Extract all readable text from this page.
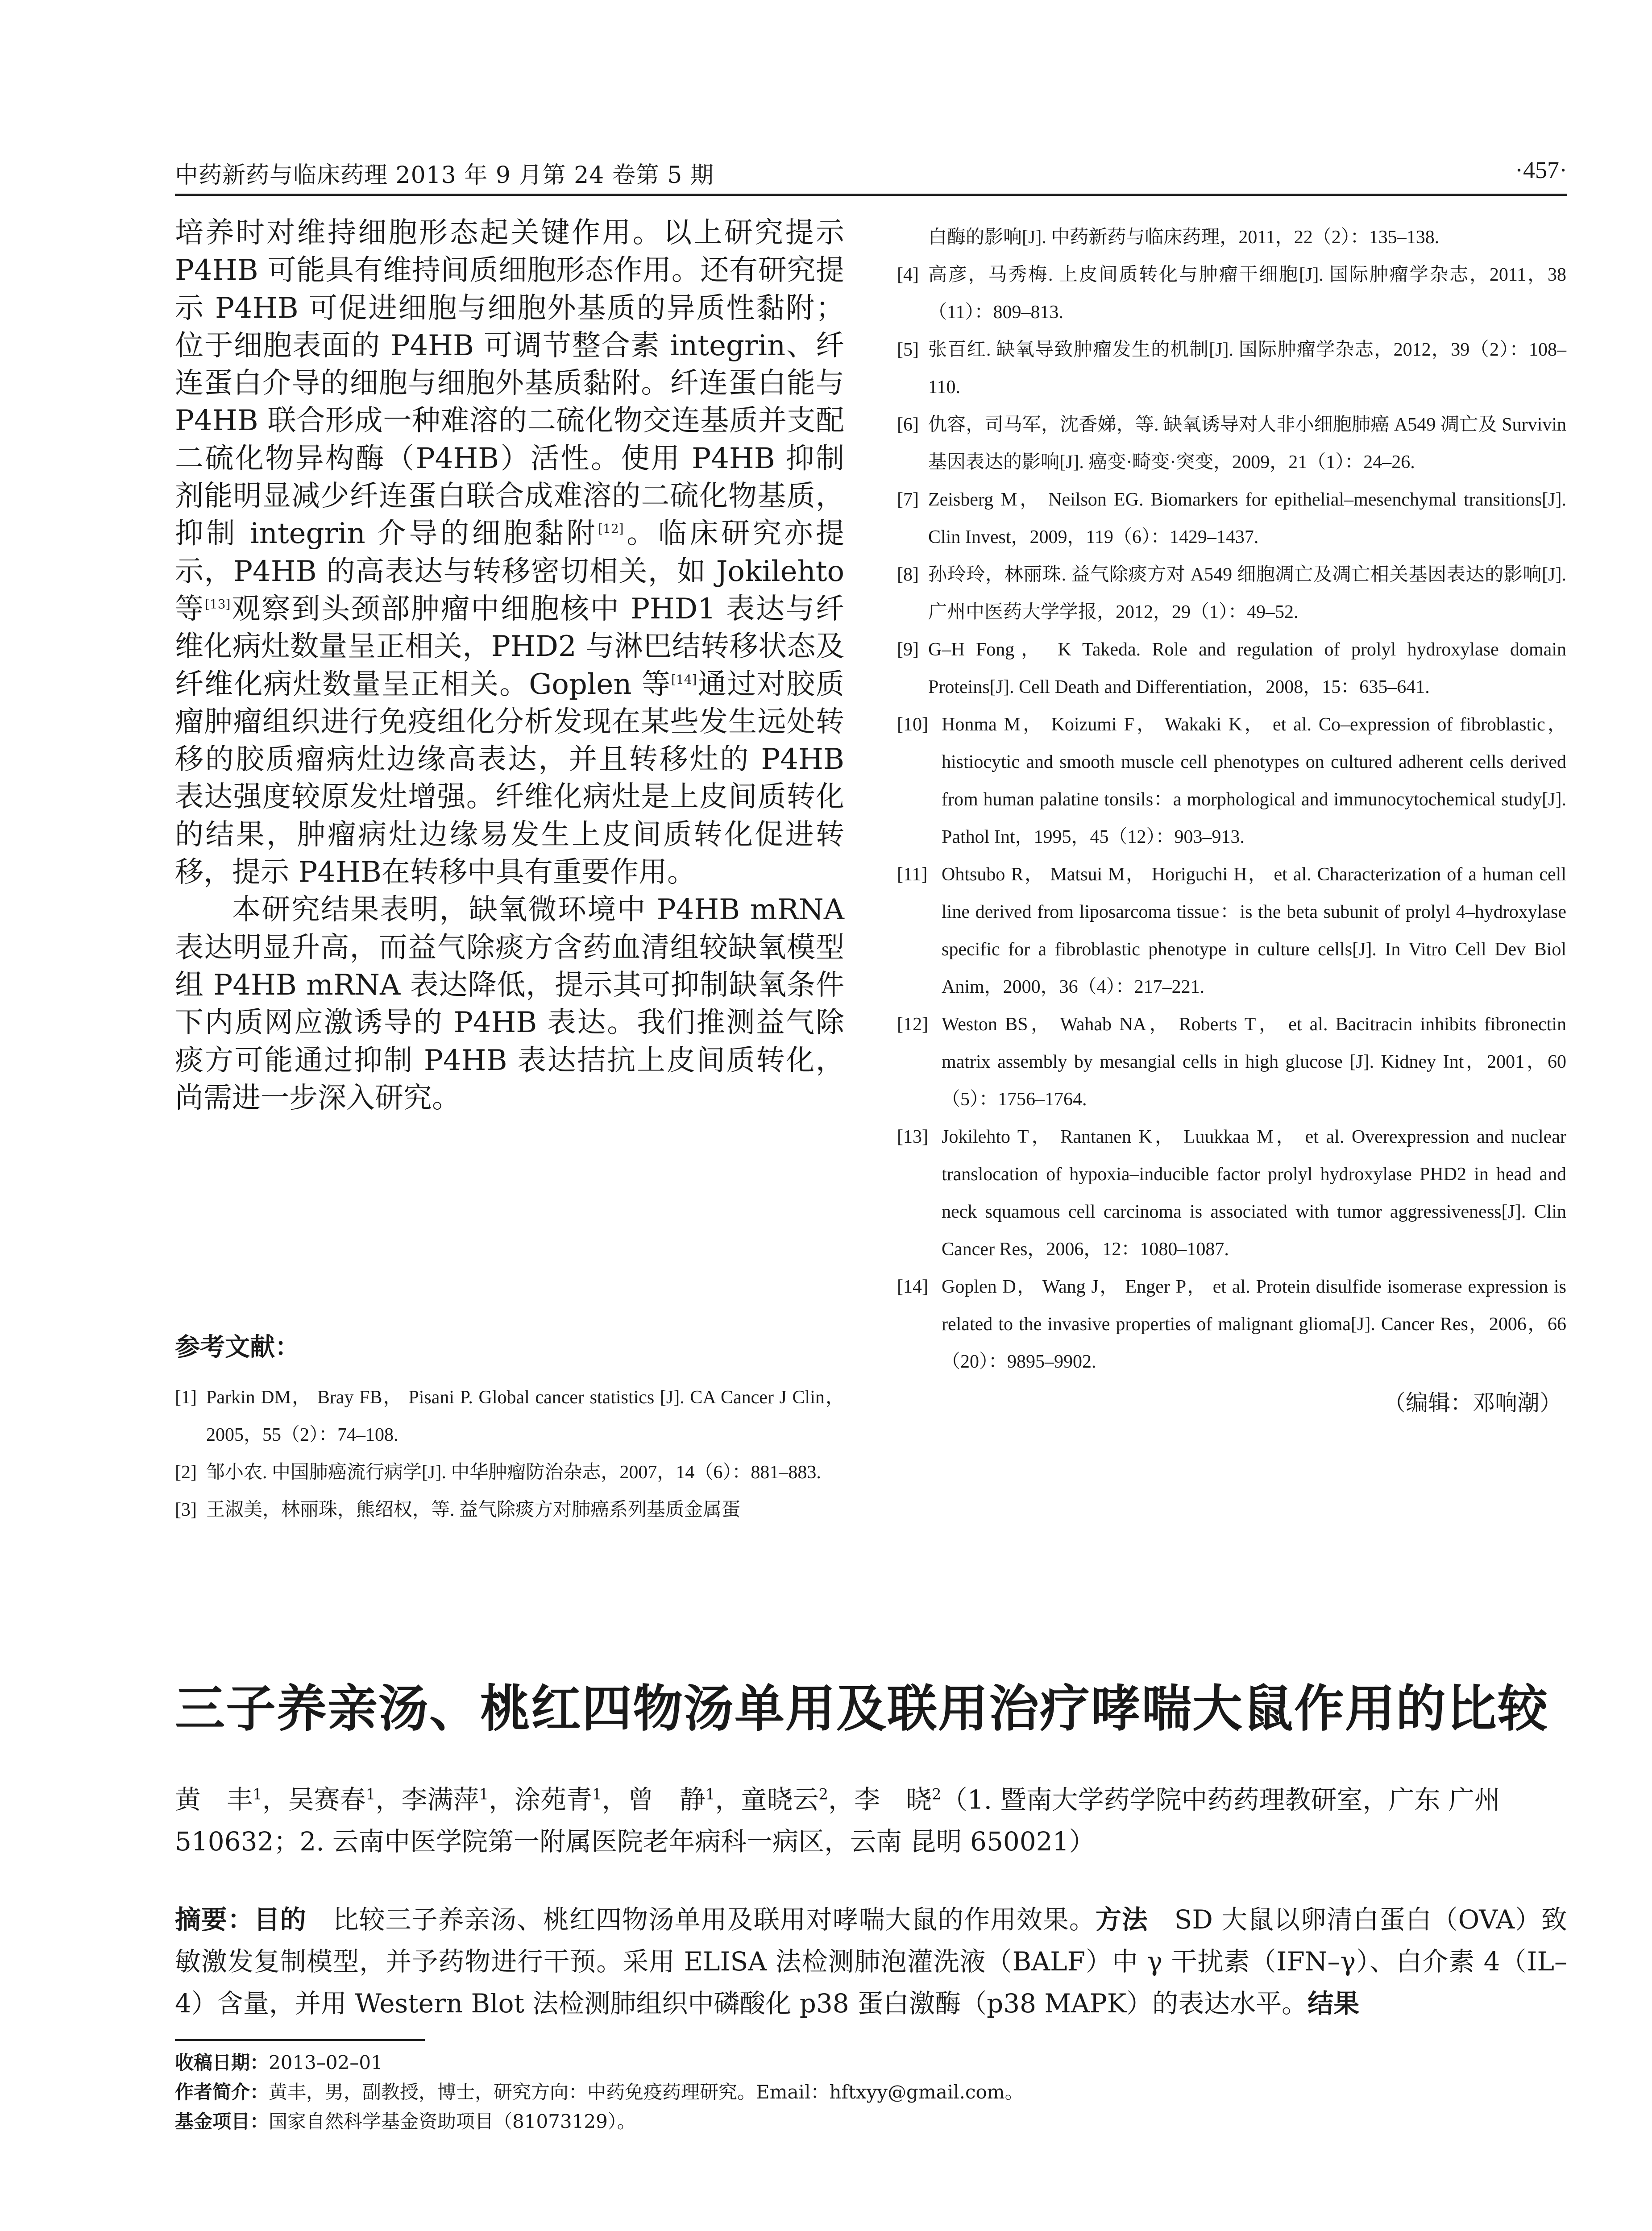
中药新药与临床药理 2013 年 9 月第 24 卷第 5 期	·457·

培养时对维持细胞形态起关键作用。以上研究提示P4HB 可能具有维持间质细胞形态作用。还有研究提示 P4HB 可促进细胞与细胞外基质的异质性黏附；位于细胞表面的 P4HB 可调节整合素 integrin、纤连蛋白介导的细胞与细胞外基质黏附。纤连蛋白能与P4HB 联合形成一种难溶的二硫化物交连基质并支配二硫化物异构酶（P4HB）活性。使用 P4HB 抑制剂能明显减少纤连蛋白联合成难溶的二硫化物基质，抑制 integrin 介导的细胞黏附[12]。临床研究亦提示，P4HB 的高表达与转移密切相关，如 Jokilehto 等[13]观察到头颈部肿瘤中细胞核中 PHD1 表达与纤维化病灶数量呈正相关，PHD2 与淋巴结转移状态及纤维化病灶数量呈正相关。Goplen 等[14]通过对胶质瘤肿瘤组织进行免疫组化分析发现在某些发生远处转移的胶质瘤病灶边缘高表达，并且转移灶的 P4HB 表达强度较原发灶增强。纤维化病灶是上皮间质转化的结果，肿瘤病灶边缘易发生上皮间质转化促进转移，提示 P4HB在转移中具有重要作用。

本研究结果表明，缺氧微环境中 P4HB mRNA 表达明显升高，而益气除痰方含药血清组较缺氧模型组 P4HB mRNA 表达降低，提示其可抑制缺氧条件下内质网应激诱导的 P4HB 表达。我们推测益气除痰方可能通过抑制 P4HB 表达拮抗上皮间质转化，尚需进一步深入研究。

参考文献：
[1] Parkin DM， Bray FB， Pisani P. Global cancer statistics [J]. CA Cancer J Clin，2005，55（2）：74–108.
[2] 邹小农. 中国肺癌流行病学[J]. 中华肿瘤防治杂志，2007，14（6）：881–883.
[3] 王淑美，林丽珠，熊绍权，等. 益气除痰方对肺癌系列基质金属蛋
白酶的影响[J]. 中药新药与临床药理，2011，22（2）：135–138.
[4] 高彦，马秀梅. 上皮间质转化与肿瘤干细胞[J]. 国际肿瘤学杂志，2011，38（11）：809–813.
[5] 张百红. 缺氧导致肿瘤发生的机制[J]. 国际肿瘤学杂志，2012，39（2）：108–110.
[6] 仇容，司马军，沈香娣，等. 缺氧诱导对人非小细胞肺癌 A549 凋亡及 Survivin 基因表达的影响[J]. 癌变·畸变·突变，2009，21（1）：24–26.
[7] Zeisberg M， Neilson EG. Biomarkers for epithelial–mesenchymal transitions[J]. Clin Invest，2009，119（6）：1429–1437.
[8] 孙玲玲，林丽珠. 益气除痰方对 A549 细胞凋亡及凋亡相关基因表达的影响[J]. 广州中医药大学学报，2012，29（1）：49–52.
[9] G–H Fong， K Takeda. Role and regulation of prolyl hydroxylase domain Proteins[J]. Cell Death and Differentiation，2008，15：635–641.
[10] Honma M， Koizumi F， Wakaki K， et al. Co–expression of fibroblastic，histiocytic and smooth muscle cell phenotypes on cultured adherent cells derived from human palatine tonsils：a morphological and immunocytochemical study[J]. Pathol Int，1995，45（12）：903–913.
[11] Ohtsubo R， Matsui M， Horiguchi H， et al. Characterization of a human cell line derived from liposarcoma tissue：is the beta subunit of prolyl 4–hydroxylase specific for a fibroblastic phenotype in culture cells[J]. In Vitro Cell Dev Biol Anim，2000，36（4）：217–221.
[12] Weston BS， Wahab NA， Roberts T， et al. Bacitracin inhibits fibronectin matrix assembly by mesangial cells in high glucose [J]. Kidney Int，2001，60（5）：1756–1764.
[13] Jokilehto T， Rantanen K， Luukkaa M， et al. Overexpression and nuclear translocation of hypoxia–inducible factor prolyl hydroxylase PHD2 in head and neck squamous cell carcinoma is associated with tumor aggressiveness[J]. Clin Cancer Res，2006，12：1080–1087.
[14] Goplen D， Wang J， Enger P， et al. Protein disulfide isomerase expression is related to the invasive properties of malignant glioma[J]. Cancer Res，2006，66（20）：9895–9902.
（编辑：邓响潮）
三子养亲汤、桃红四物汤单用及联用治疗哮喘大鼠作用的比较
黄　丰$^1$，吴赛春$^1$，李满萍$^1$，涂苑青$^1$，曾　静$^1$，童晓云$^2$，李　晓$^2$（1. 暨南大学药学院中药药理教研室，广东 广州 510632；2. 云南中医学院第一附属医院老年病科一病区，云南 昆明 650021）
摘要：目的　 比较三子养亲汤、桃红四物汤单用及联用对哮喘大鼠的作用效果。方法　 SD 大鼠以卵清白蛋白（OVA）致敏激发复制模型，并予药物进行干预。采用 ELISA 法检测肺泡灌洗液（BALF）中 γ 干扰素（IFN–γ）、白介素 4（IL–4）含量，并用 Western Blot 法检测肺组织中磷酸化 p38 蛋白激酶（p38 MAPK）的表达水平。结果
收稿日期：2013–02–01
作者简介：黄丰，男，副教授，博士，研究方向：中药免疫药理研究。Email：hftxyy@gmail.com。
基金项目：国家自然科学基金资助项目（81073129）。
